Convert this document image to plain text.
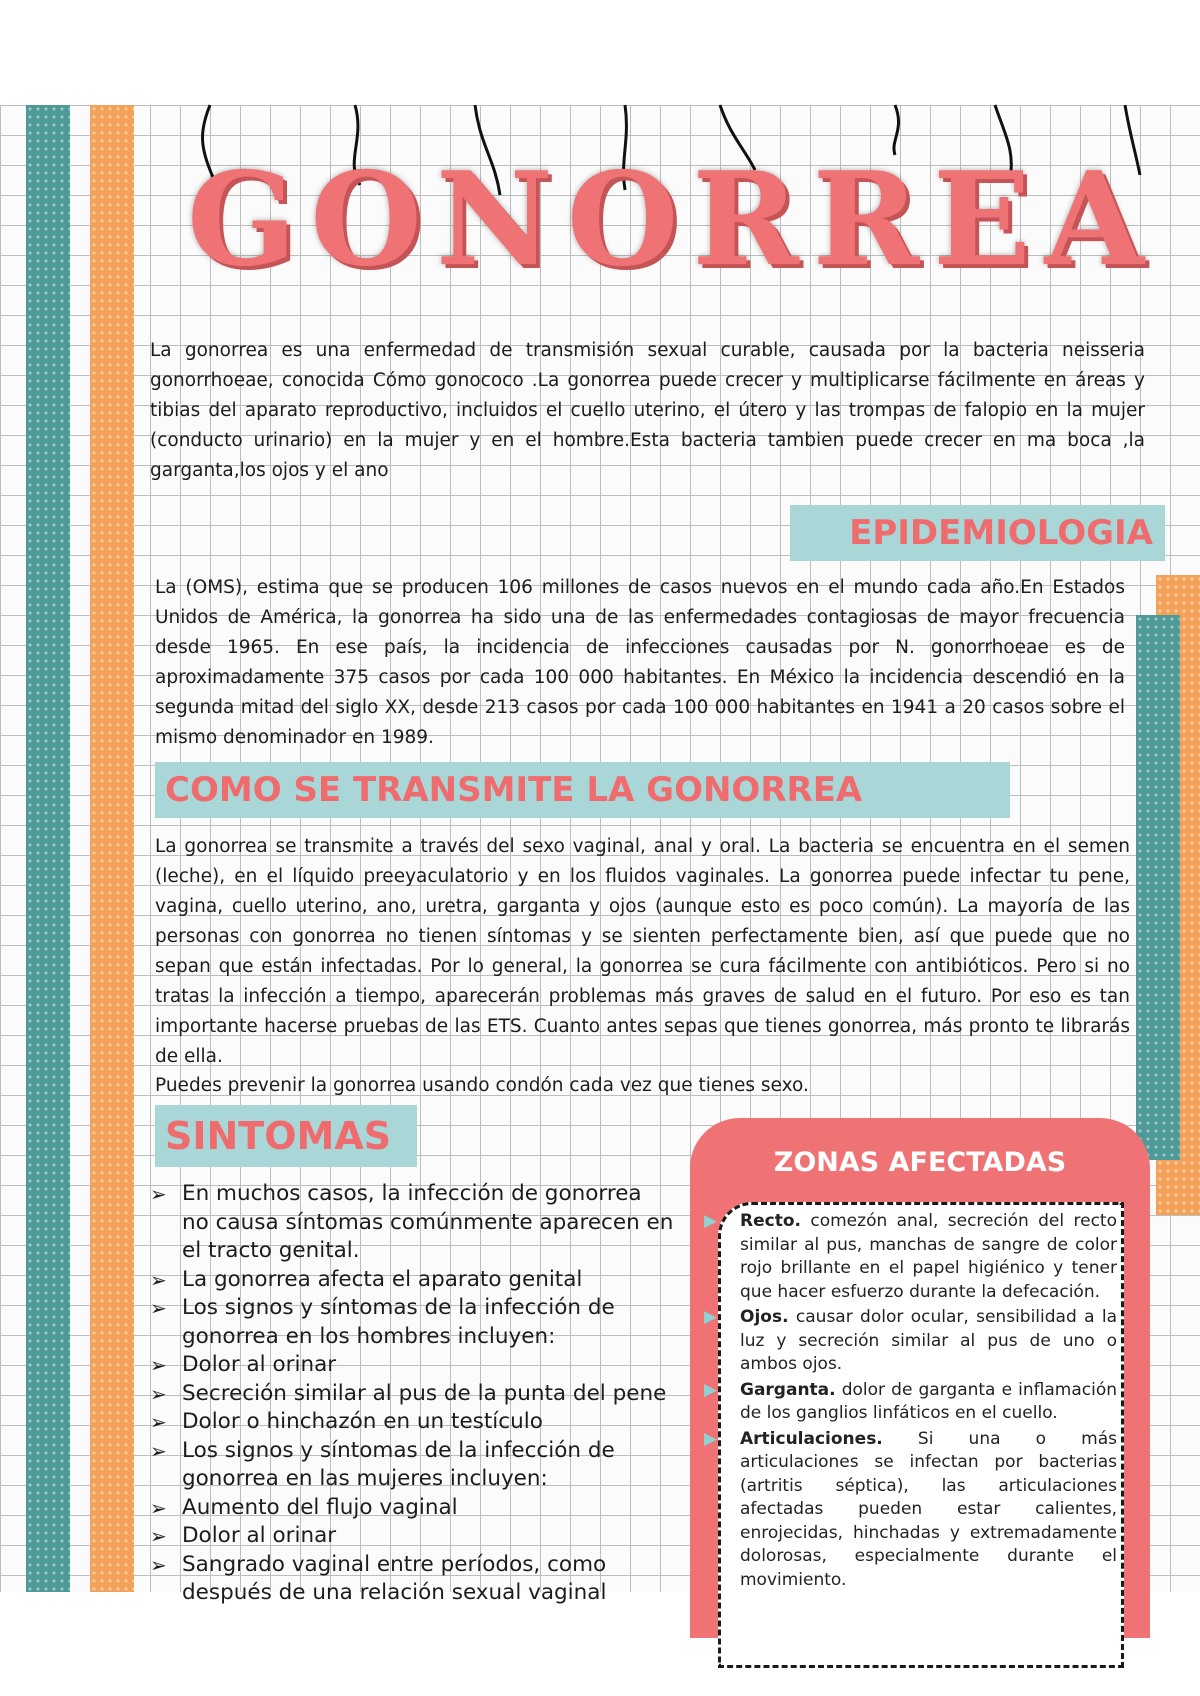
GONORREA

La gonorrea es una enfermedad de transmisión sexual curable, causada por la bacteria neisseria gonorrhoeae, conocida Cómo gonococo .La gonorrea puede crecer y multiplicarse fácilmente en áreas y tibias del aparato reproductivo, incluidos el cuello uterino, el útero y las trompas de falopio en la mujer (conducto urinario) en la mujer y en el hombre.Esta bacteria tambien puede crecer en ma boca ,la garganta,los ojos y el ano

EPIDEMIOLOGIA

La (OMS), estima que se producen 106 millones de casos nuevos en el mundo cada año.En Estados Unidos de América, la gonorrea ha sido una de las enfermedades contagiosas de mayor frecuencia desde 1965. En ese país, la incidencia de infecciones causadas por N. gonorrhoeae es de aproximadamente 375 casos por cada 100 000 habitantes. En México la incidencia descendió en la segunda mitad del siglo XX, desde 213 casos por cada 100 000 habitantes en 1941 a 20 casos sobre el mismo denominador en 1989.

COMO SE TRANSMITE LA GONORREA

La gonorrea se transmite a través del sexo vaginal, anal y oral. La bacteria se encuentra en el semen (leche), en el líquido preeyaculatorio y en los fluidos vaginales. La gonorrea puede infectar tu pene, vagina, cuello uterino, ano, uretra, garganta y ojos (aunque esto es poco común). La mayoría de las personas con gonorrea no tienen síntomas y se sienten perfectamente bien, así que puede que no sepan que están infectadas. Por lo general, la gonorrea se cura fácilmente con antibióticos. Pero si no tratas la infección a tiempo, aparecerán problemas más graves de salud en el futuro. Por eso es tan importante hacerse pruebas de las ETS. Cuanto antes sepas que tienes gonorrea, más pronto te librarás de ella.

Puedes prevenir la gonorrea usando condón cada vez que tienes sexo.

SINTOMAS
➢ En muchos casos, la infección de gonorrea no causa síntomas comúnmente aparecen en el tracto genital.
➢ La gonorrea afecta el aparato genital
➢ Los signos y síntomas de la infección de gonorrea en los hombres incluyen:
➢ Dolor al orinar
➢ Secreción similar al pus de la punta del pene
➢ Dolor o hinchazón en un testículo
➢ Los signos y síntomas de la infección de gonorrea en las mujeres incluyen:
➢ Aumento del flujo vaginal
➢ Dolor al orinar
➢ Sangrado vaginal entre períodos, como después de una relación sexual vaginal
ZONAS AFECTADAS
▶ Recto. comezón anal, secreción del recto similar al pus, manchas de sangre de color rojo brillante en el papel higiénico y tener que hacer esfuerzo durante la defecación.
▶ Ojos. causar dolor ocular, sensibilidad a la luz y secreción similar al pus de uno o ambos ojos.
▶ Garganta. dolor de garganta e inflamación de los ganglios linfáticos en el cuello.
▶ Articulaciones. Si una o más articulaciones se infectan por bacterias (artritis séptica), las articulaciones afectadas pueden estar calientes, enrojecidas, hinchadas y extremadamente dolorosas, especialmente durante el movimiento.
